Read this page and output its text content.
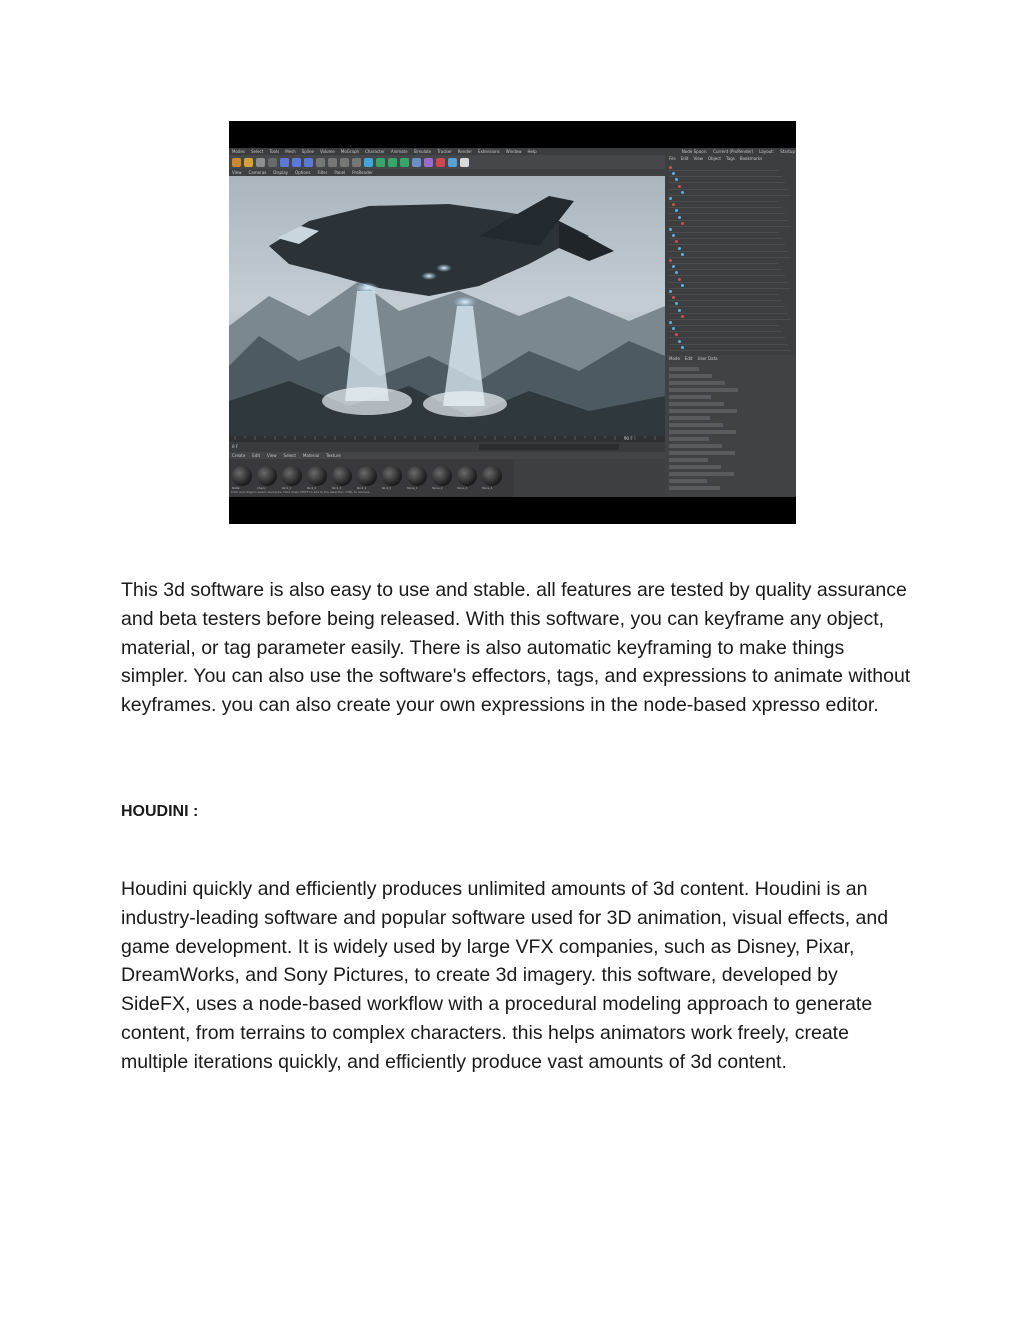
Modes Select Tools Mesh Spline Volume MoGraph Character Animate Simulate Tracker Render Extensions Window Help	Node Space: Current (ProRender) Layout: Startup
View Cameras Display Options Filter Panel ProRender
0 F
90 F
Create Edit View Select Material Texture
Click and drag to select elements. Hold down SHIFT to add to the selection, CTRL to remove.
Matte	Cherry	Rock_1	Rock_2	Rock_3	Rock_4	Rock_5	Stone_1	Stone_2	Stone_3	Stone_4
File Edit View Object Tags Bookmarks
Mode Edit User Data

This 3d software is also easy to use and stable. all features are tested by quality assurance and beta testers before being released. With this software, you can keyframe any object, material, or tag parameter easily. There is also automatic keyframing to make things simpler. You can also use the software's effectors, tags, and expressions to animate without keyframes. you can also create your own expressions in the node-based xpresso editor.

HOUDINI :

Houdini quickly and efficiently produces unlimited amounts of 3d content. Houdini is an industry-leading software and popular software used for 3D animation, visual effects, and game development. It is widely used by large VFX companies, such as Disney, Pixar, DreamWorks, and Sony Pictures, to create 3d imagery. this software, developed by SideFX, uses a node-based workflow with a procedural modeling approach to generate content, from terrains to complex characters. this helps animators work freely, create multiple iterations quickly, and efficiently produce vast amounts of 3d content.
